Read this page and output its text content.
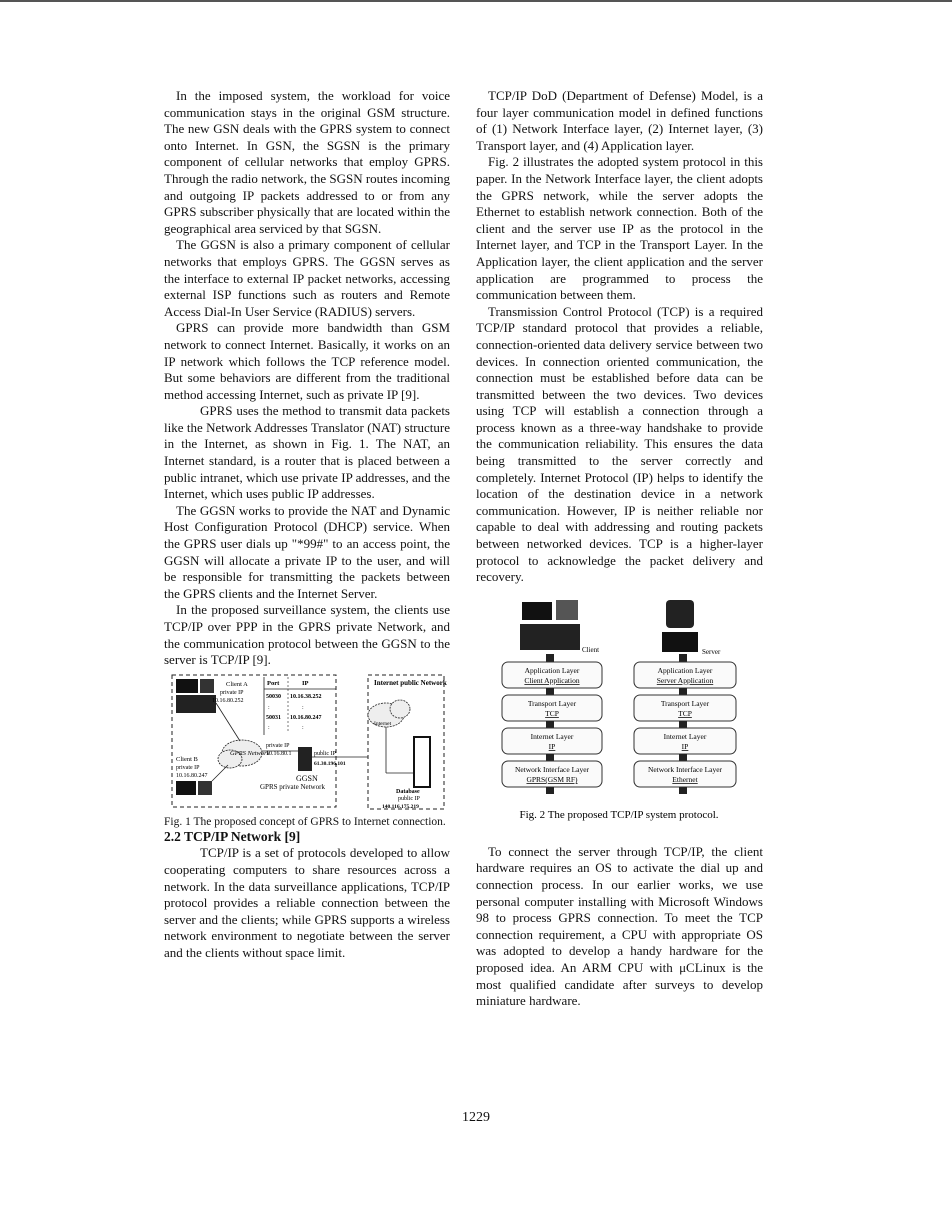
In the imposed system, the workload for voice communication stays in the original GSM structure. The new GSN deals with the GPRS system to connect onto Internet. In GSN, the SGSN is the primary component of cellular networks that employ GPRS. Through the radio network, the SGSN routes incoming and outgoing IP packets addressed to or from any GPRS subscriber physically that are located within the geographical area serviced by that SGSN.

The GGSN is also a primary component of cellular networks that employs GPRS. The GGSN serves as the interface to external IP packet networks, accessing external ISP functions such as routers and Remote Access Dial-In User Service (RADIUS) servers.

GPRS can provide more bandwidth than GSM network to connect Internet. Basically, it works on an IP network which follows the TCP reference model. But some behaviors are different from the traditional method accessing Internet, such as private IP [9].

GPRS uses the method to transmit data packets like the Network Addresses Translator (NAT) structure in the Internet, as shown in Fig. 1. The NAT, an Internet standard, is a router that is placed between a public intranet, which use private IP addresses, and the Internet, which uses public IP addresses.

The GGSN works to provide the NAT and Dynamic Host Configuration Protocol (DHCP) service. When the GPRS user dials up "*99#" to an access point, the GGSN will allocate a private IP to the user, and will be responsible for transmitting the packets between the GPRS clients and the Internet Server.

In the proposed surveillance system, the clients use TCP/IP over PPP in the GPRS private Network, and the communication protocol between the GGSN to the server is TCP/IP [9].

Client A
private IP
10.16.80.252
Port	IP
50030 10.16.38.252
:	:
50031 10.16.80.247
:	:
Client B
private IP
10.16.80.247
GPRS Network
private IP
10.16.80.1
GGSN
public IP
61.30.196.101
GPRS private Network
Internet public Network
Internet
Database
public IP
140.116.175.219

Fig. 1 The proposed concept of GPRS to Internet connection.

2.2 TCP/IP Network [9]

TCP/IP is a set of protocols developed to allow cooperating computers to share resources across a network. In the data surveillance applications, TCP/IP protocol provides a reliable connection between the server and the clients; while GPRS supports a wireless network environment to negotiate between the server and the clients without space limit.

TCP/IP DoD (Department of Defense) Model, is a four layer communication model in defined functions of (1) Network Interface layer, (2) Internet layer, (3) Transport layer, and (4) Application layer.

Fig. 2 illustrates the adopted system protocol in this paper. In the Network Interface layer, the client adopts the GPRS network, while the server adopts the Ethernet to establish network connection. Both of the client and the server use IP as the protocol in the Internet layer, and TCP in the Transport Layer. In the Application layer, the client application and the server application are programmed to process the communication between them.

Transmission Control Protocol (TCP) is a required TCP/IP standard protocol that provides a reliable, connection-oriented data delivery service between two devices. In connection oriented communication, the connection must be established before data can be transmitted between the two devices. Two devices using TCP will establish a connection through a process known as a three-way handshake to provide the communication reliability. This ensures the data being transmitted to the server correctly and completely. Internet Protocol (IP) helps to identify the location of the destination device in a network communication. However, IP is neither reliable nor capable to deal with addressing and routing packets between networked devices. TCP is a higher-layer protocol to acknowledge the packet delivery and recovery.

Client	Server
Application Layer
Client Application
Transport Layer
TCP
Internet Layer
IP
Network Interface Layer
GPRS(GSM RF)
Application Layer
Server Application
Transport Layer
TCP
Internet Layer
IP
Network Interface Layer
Ethernet
Fig. 2 The proposed TCP/IP system protocol.

To connect the server through TCP/IP, the client hardware requires an OS to activate the dial up and connection process. In our earlier works, we use personal computer installing with Microsoft Windows 98 to process GPRS connection. To meet the TCP connection requirement, a CPU with appropriate OS was adopted to develop a handy hardware for the proposed idea. An ARM CPU with μCLinux is the most qualified candidate after surveys to develop miniature hardware.

1229
